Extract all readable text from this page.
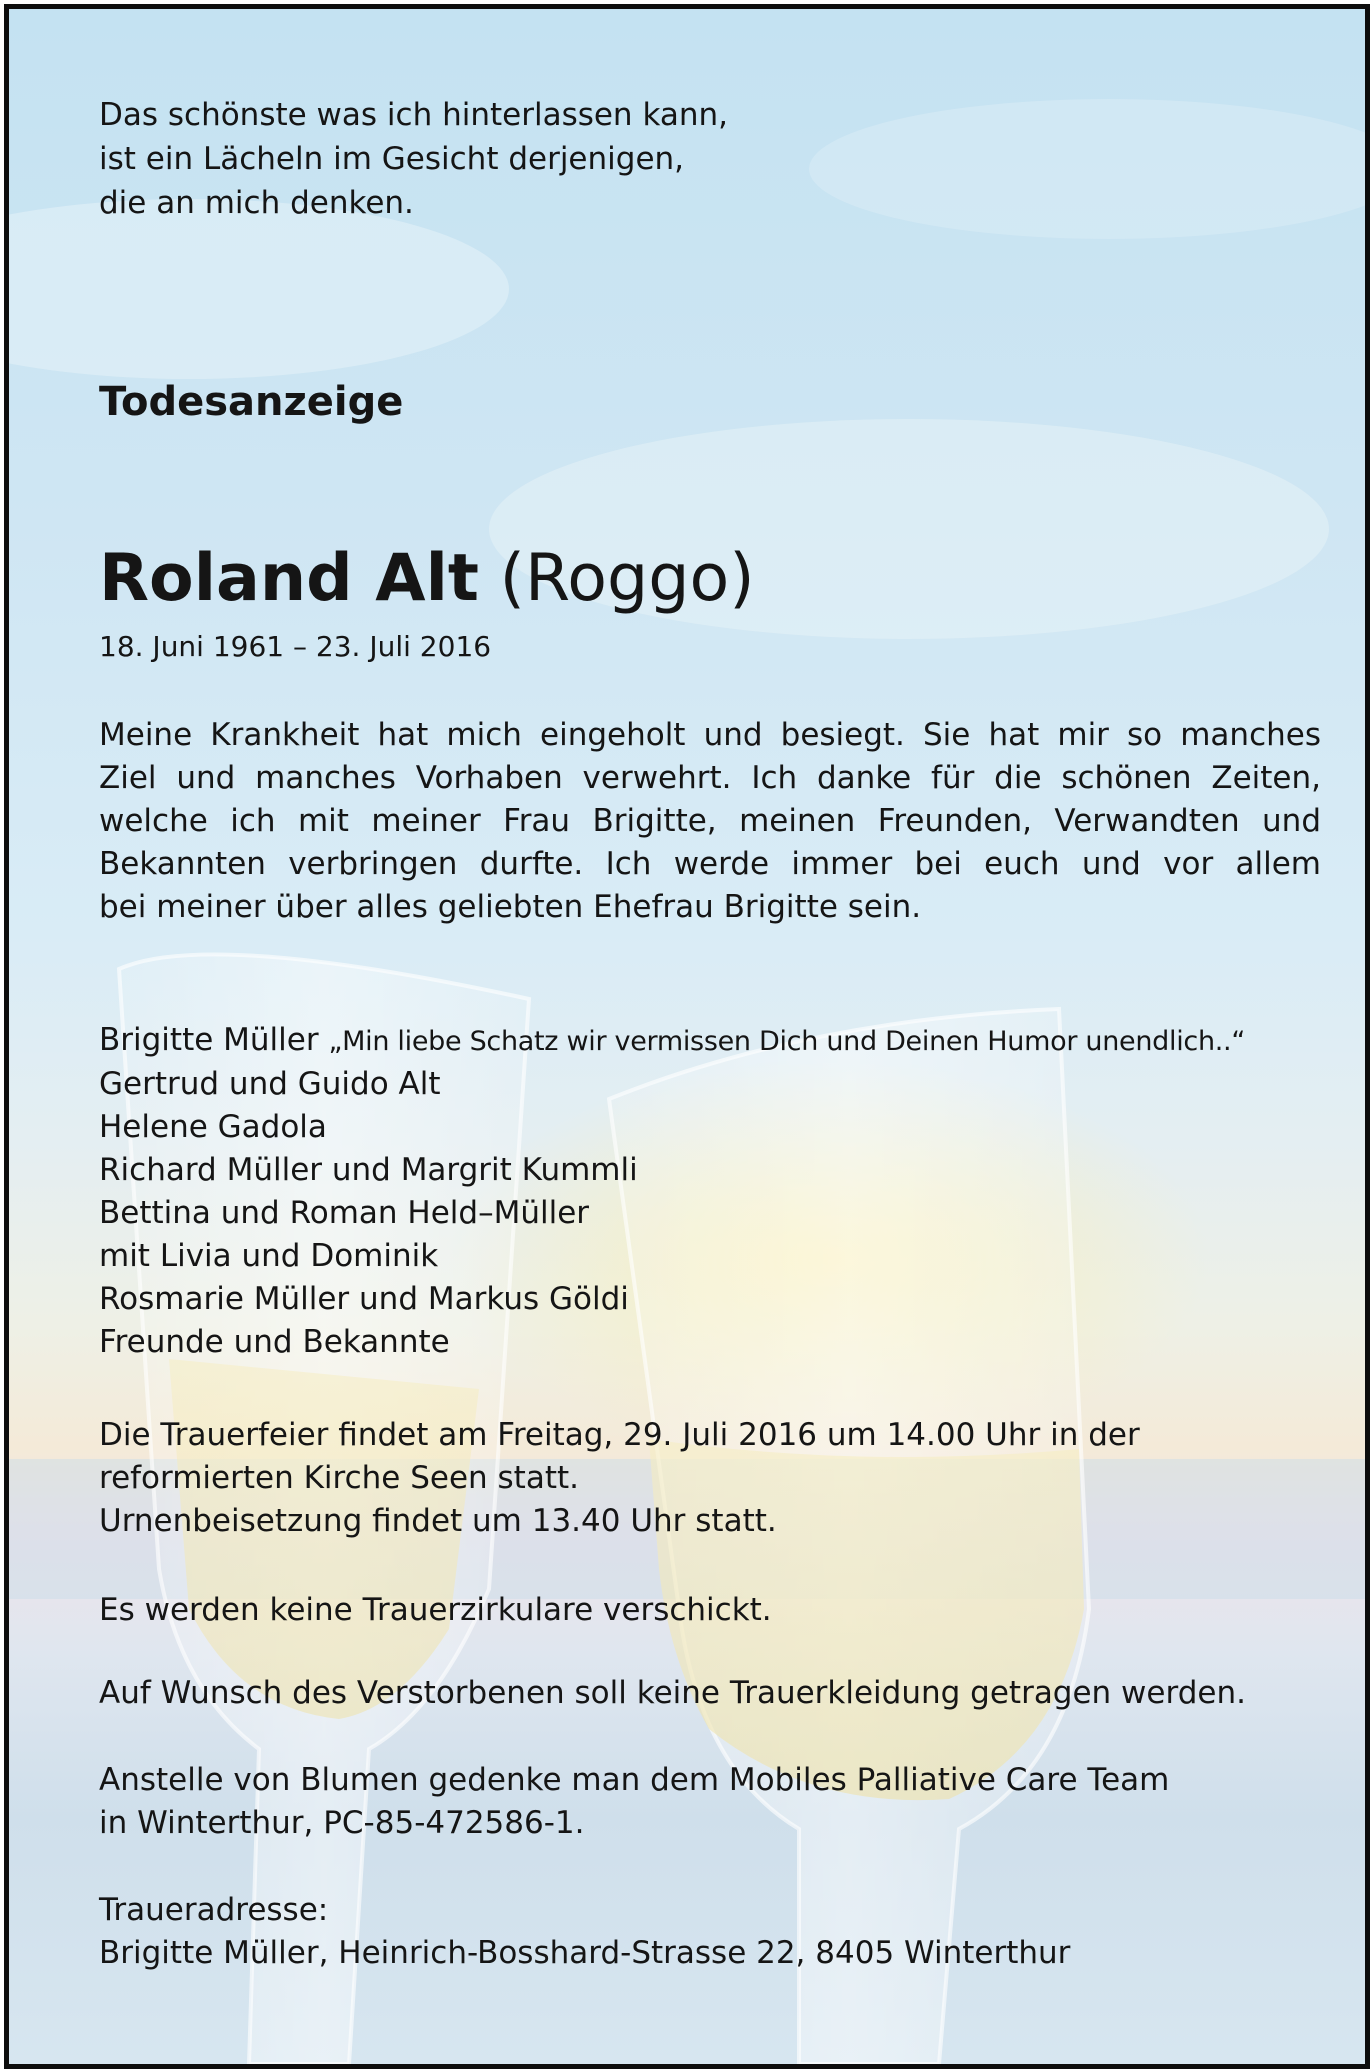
Das schönste was ich hinterlassen kann,
ist ein Lächeln im Gesicht derjenigen,
die an mich denken.
Todesanzeige
Roland Alt (Roggo)
18. Juni 1961 – 23. Juli 2016
Meine Krankheit hat mich eingeholt und besiegt. Sie hat mir so manches
Ziel und manches Vorhaben verwehrt. Ich danke für die schönen Zeiten,
welche ich mit meiner Frau Brigitte, meinen Freunden, Verwandten und
Bekannten verbringen durfte. Ich werde immer bei euch und vor allem
bei meiner über alles geliebten Ehefrau Brigitte sein.
Brigitte Müller „Min liebe Schatz wir vermissen Dich und Deinen Humor unendlich..“
Gertrud und Guido Alt
Helene Gadola
Richard Müller und Margrit Kummli
Bettina und Roman Held–Müller
mit Livia und Dominik
Rosmarie Müller und Markus Göldi
Freunde und Bekannte
Die Trauerfeier findet am Freitag, 29. Juli 2016 um 14.00 Uhr in der
reformierten Kirche Seen statt.
Urnenbeisetzung findet um 13.40 Uhr statt.
Es werden keine Trauerzirkulare verschickt.
Auf Wunsch des Verstorbenen soll keine Trauerkleidung getragen werden.
Anstelle von Blumen gedenke man dem Mobiles Palliative Care Team
in Winterthur, PC-85-472586-1.
Traueradresse:
Brigitte Müller, Heinrich-Bosshard-Strasse 22, 8405 Winterthur
